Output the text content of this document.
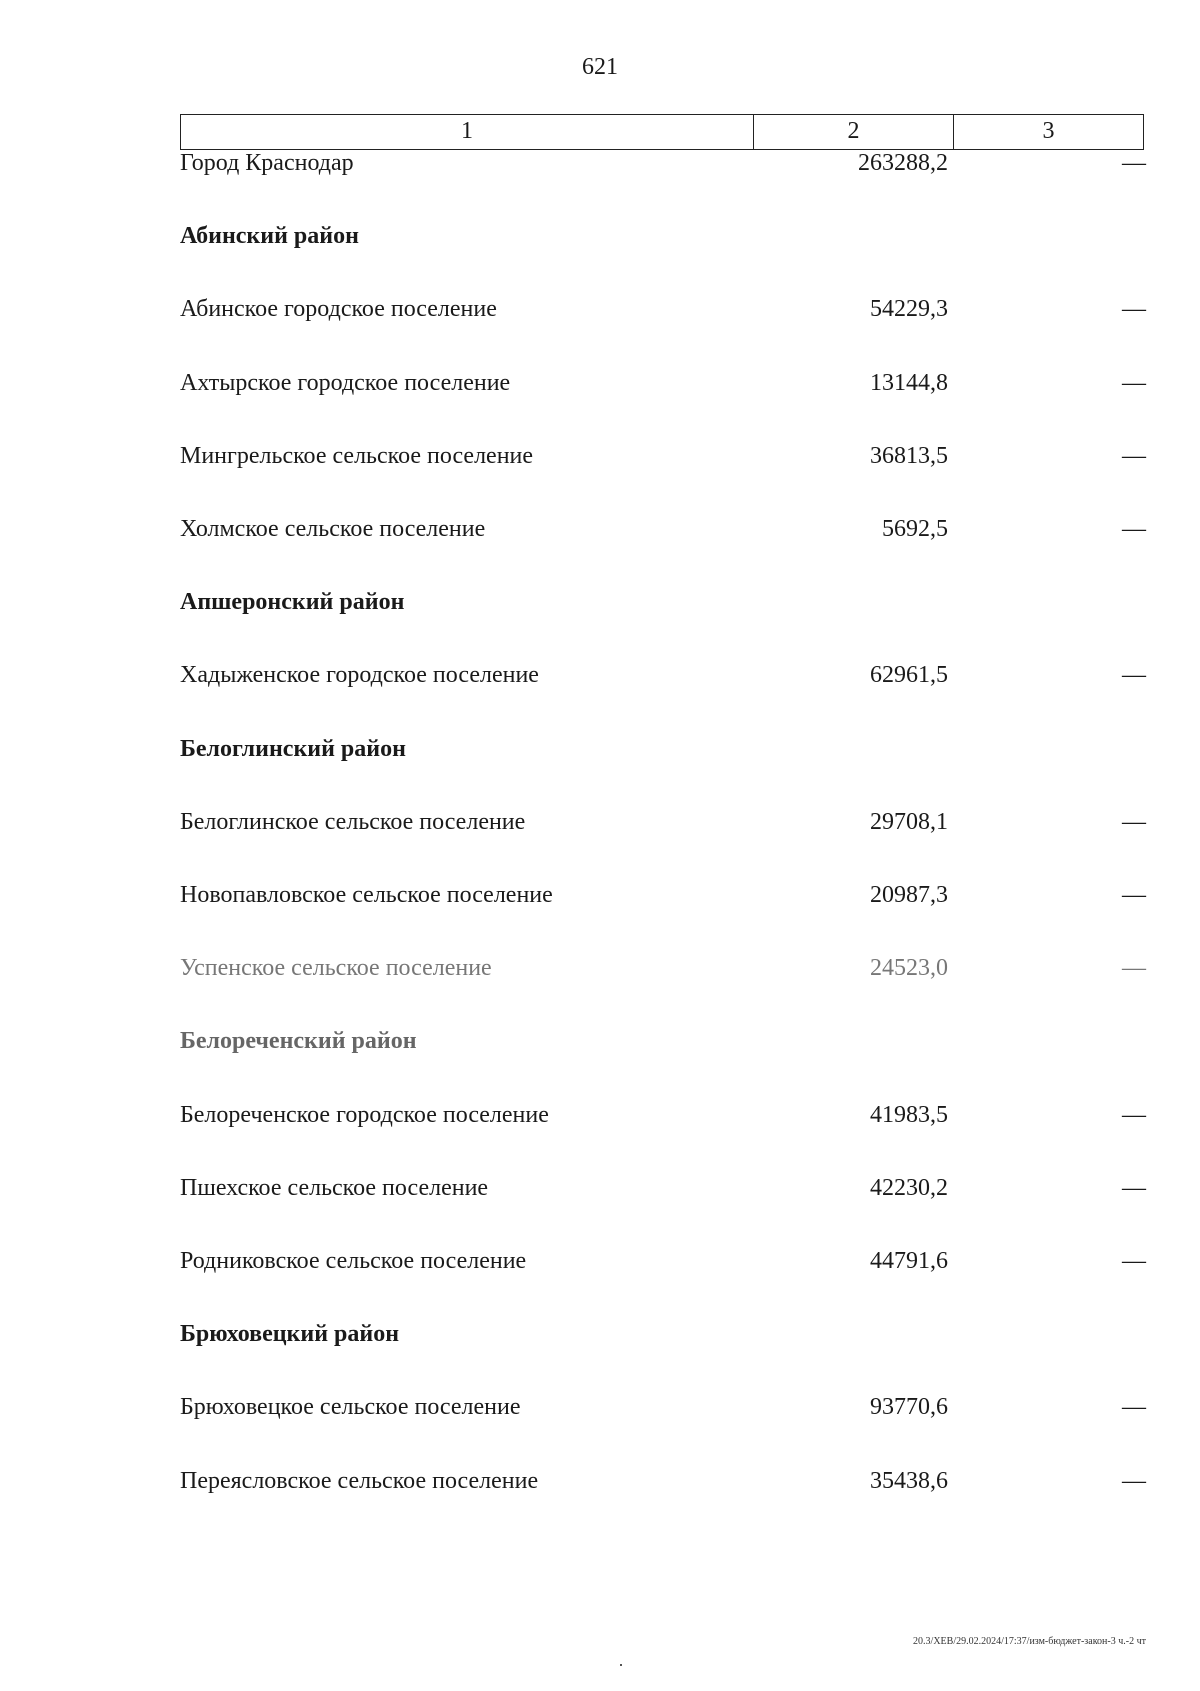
621
1	2	3
Город Краснодар	263288,2	—
Абинский район
Абинское городское поселение	54229,3	—
Ахтырское городское поселение	13144,8	—
Мингрельское сельское поселение	36813,5	—
Холмское сельское поселение	5692,5	—
Апшеронский район
Хадыженское городское поселение	62961,5	—
Белоглинский район
Белоглинское сельское поселение	29708,1	—
Новопавловское сельское поселение	20987,3	—
Успенское сельское поселение	24523,0	—
Белореченский район
Белореченское городское поселение	41983,5	—
Пшехское сельское поселение	42230,2	—
Родниковское сельское поселение	44791,6	—
Брюховецкий район
Брюховецкое сельское поселение	93770,6	—
Переясловское сельское поселение	35438,6	—
20.3/ХЕВ/29.02.2024/17:37/изм-бюджет-закон-3 ч.-2 чт
